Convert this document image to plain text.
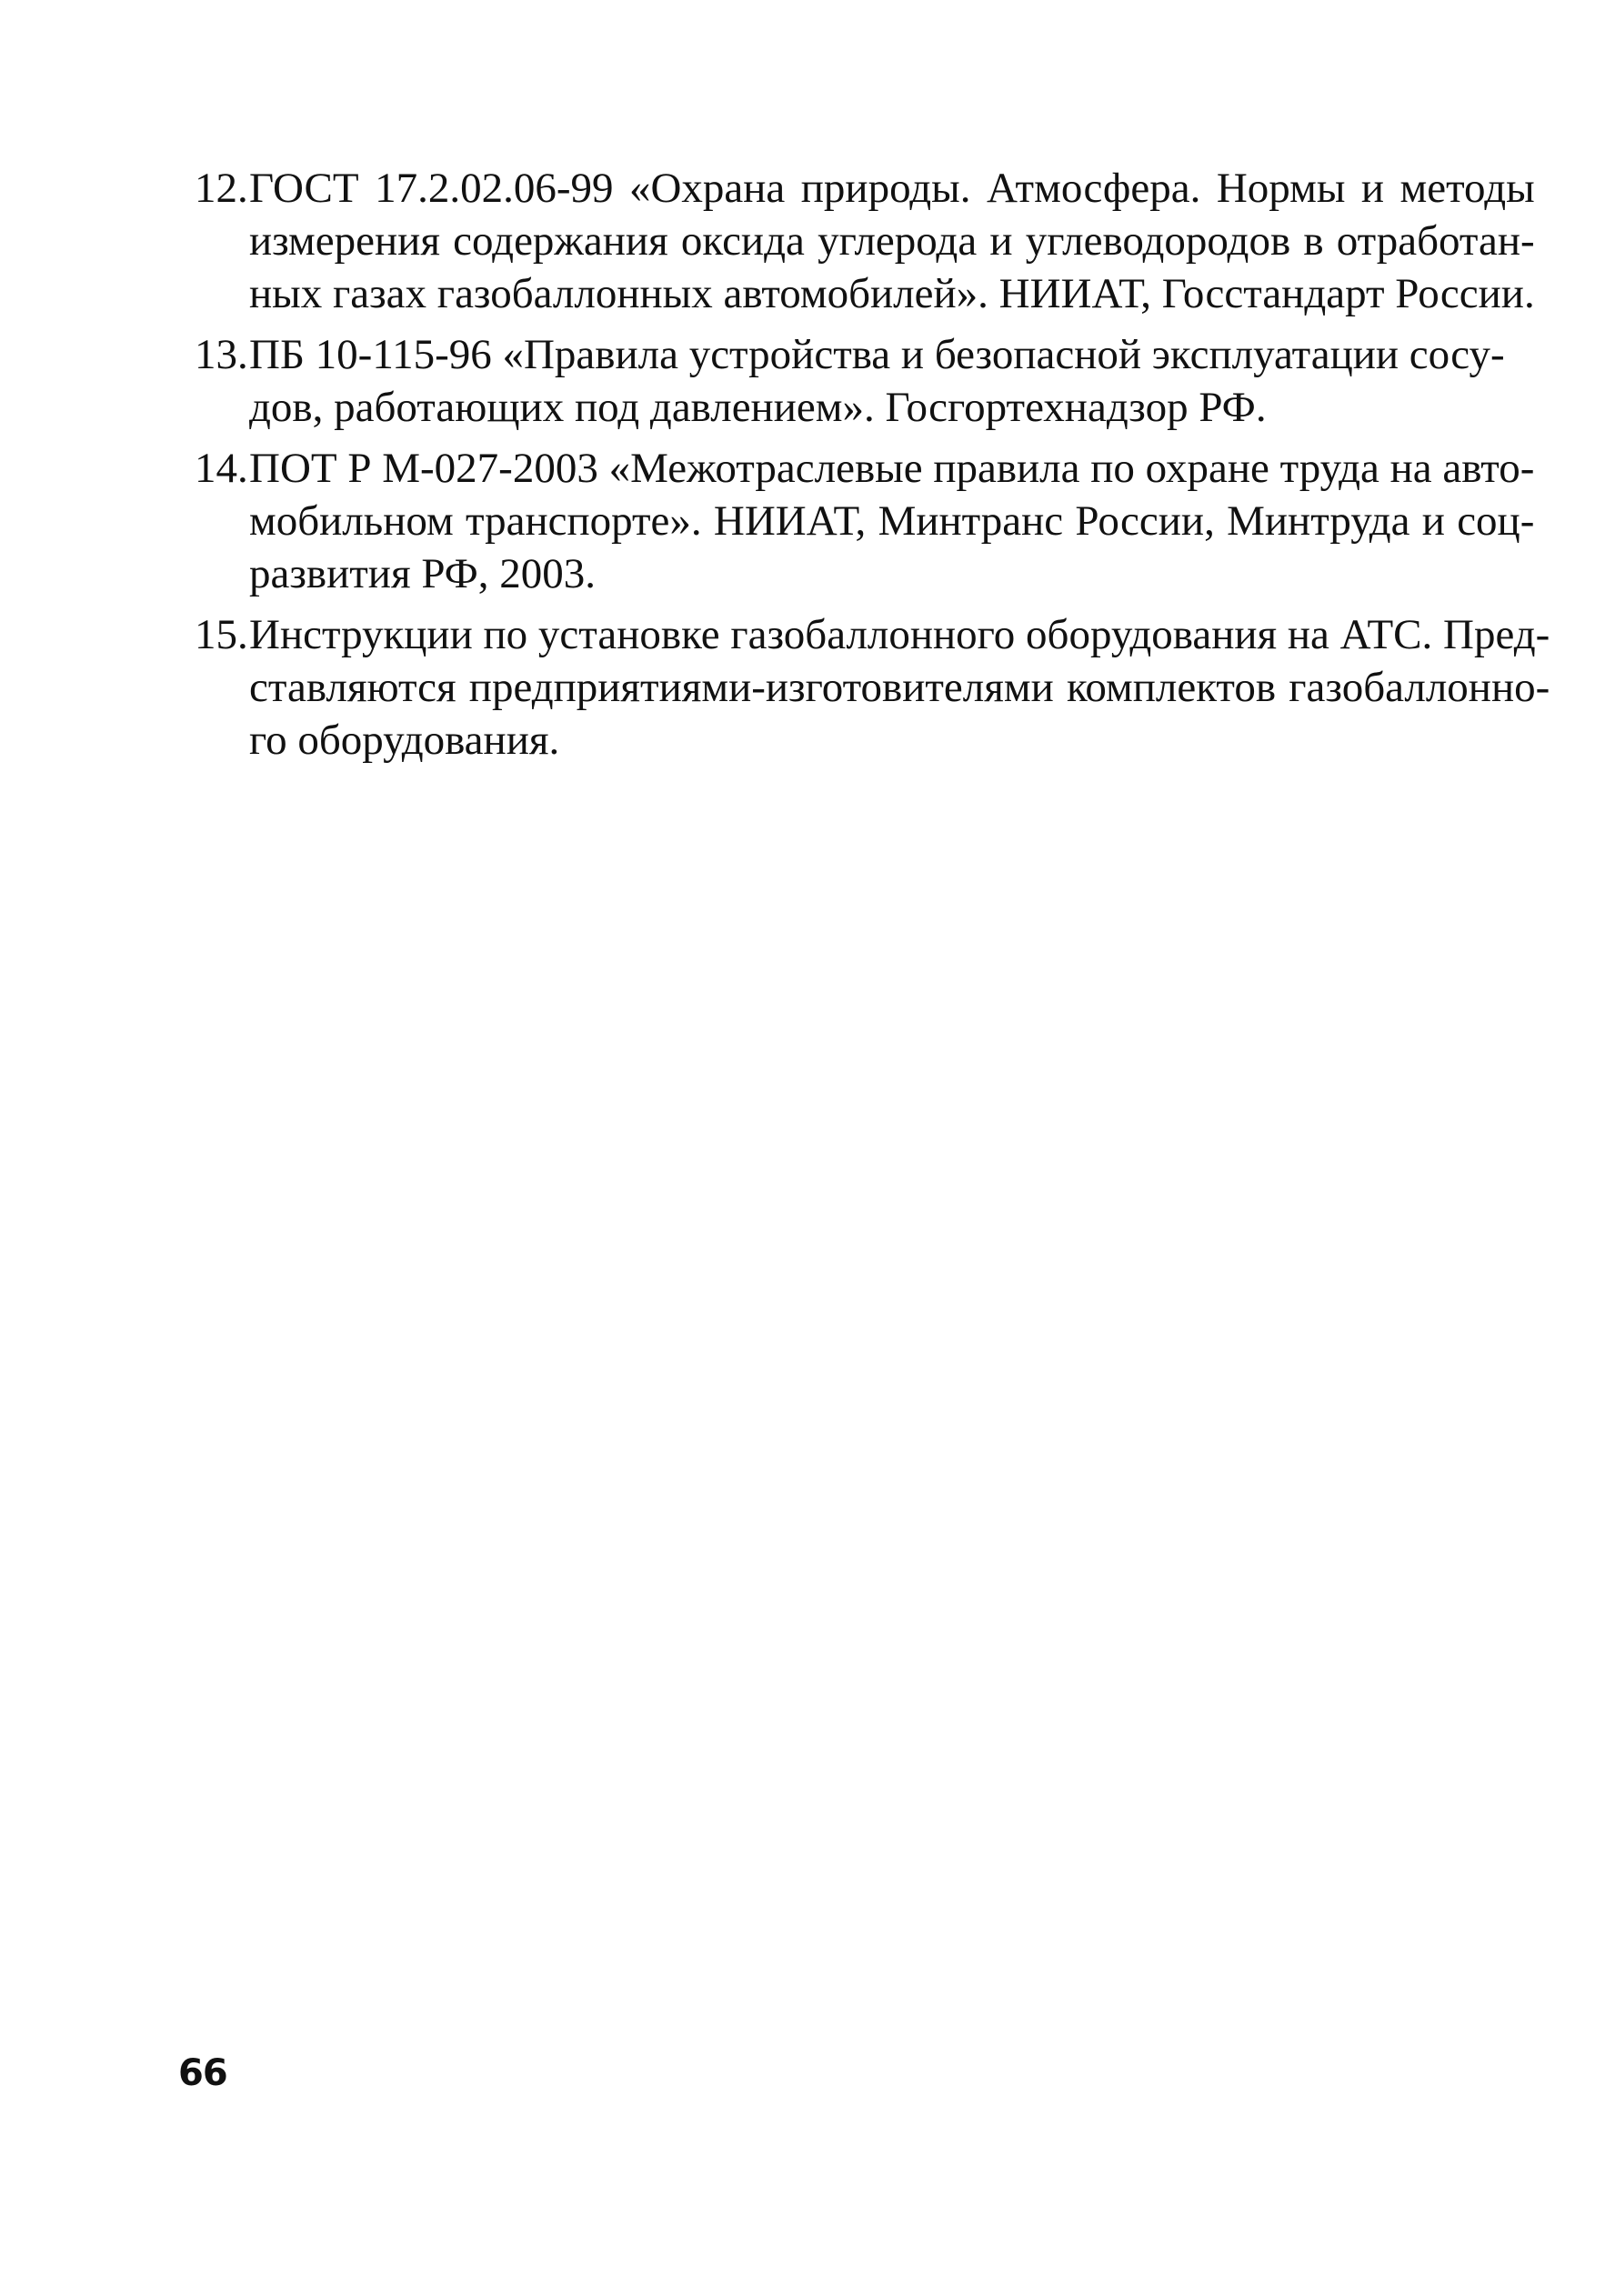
12. ГОСТ 17.2.02.06-99 «Охрана природы. Атмосфера. Нормы и методы
измерения содержания оксида углерода и углеводородов в отработан-
ных газах газобаллонных автомобилей». НИИАТ, Госстандарт России.
13. ПБ 10-115-96 «Правила устройства и безопасной эксплуатации сосу-
дов, работающих под давлением». Госгортехнадзор РФ.
14. ПОТ Р М-027-2003 «Межотраслевые правила по охране труда на авто-
мобильном транспорте». НИИАТ, Минтранс России, Минтруда и соц-
развития РФ, 2003.
15. Инструкции по установке газобаллонного оборудования на АТС. Пред-
ставляются предприятиями-изготовителями комплектов газобаллонно-
го оборудования.
66
